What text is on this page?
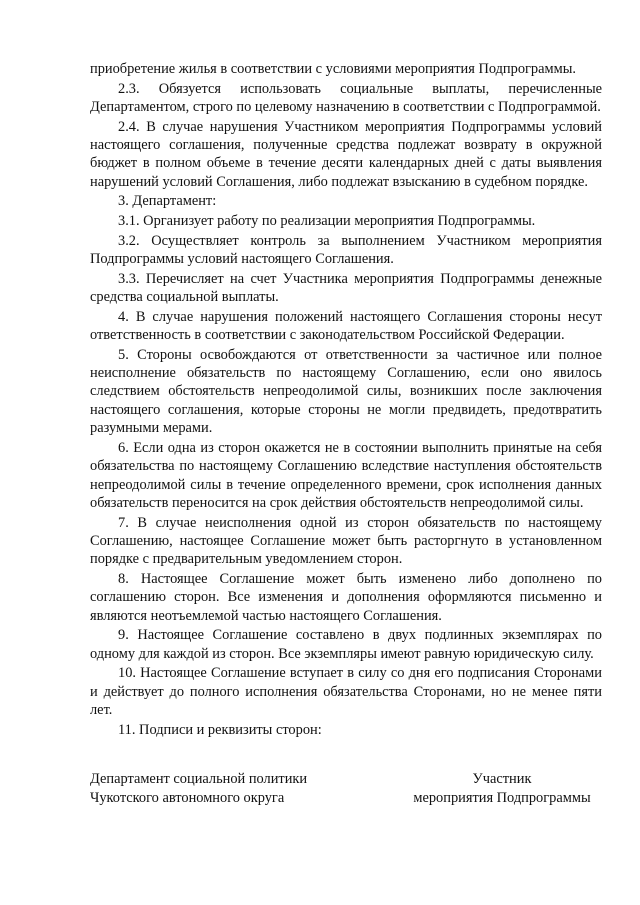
приобретение жилья в соответствии с условиями мероприятия Подпрограммы.

2.3. Обязуется использовать социальные выплаты, перечисленные Департаментом, строго по целевому назначению в соответствии с Подпрограммой.

2.4. В случае нарушения Участником мероприятия Подпрограммы условий настоящего соглашения, полученные средства подлежат возврату в окружной бюджет в полном объеме в течение десяти календарных дней с даты выявления нарушений условий Соглашения, либо подлежат взысканию в судебном порядке.

3. Департамент:

3.1. Организует работу по реализации мероприятия Подпрограммы.

3.2. Осуществляет контроль за выполнением Участником мероприятия Подпрограммы условий настоящего Соглашения.

3.3. Перечисляет на счет Участника мероприятия Подпрограммы денежные средства социальной выплаты.

4. В случае нарушения положений настоящего Соглашения стороны несут ответственность в соответствии с законодательством Российской Федерации.

5. Стороны освобождаются от ответственности за частичное или полное неисполнение обязательств по настоящему Соглашению, если оно явилось следствием обстоятельств непреодолимой силы, возникших после заключения настоящего соглашения, которые стороны не могли предвидеть, предотвратить разумными мерами.

6. Если одна из сторон окажется не в состоянии выполнить принятые на себя обязательства по настоящему Соглашению вследствие наступления обстоятельств непреодолимой силы в течение определенного времени, срок исполнения данных обязательств переносится на срок действия обстоятельств непреодолимой силы.

7. В случае неисполнения одной из сторон обязательств по настоящему Соглашению, настоящее Соглашение может быть расторгнуто в установленном порядке с предварительным уведомлением сторон.

8. Настоящее Соглашение может быть изменено либо дополнено по соглашению сторон. Все изменения и дополнения оформляются письменно и являются неотъемлемой частью настоящего Соглашения.

9. Настоящее Соглашение составлено в двух подлинных экземплярах по одному для каждой из сторон. Все экземпляры имеют равную юридическую силу.

10. Настоящее Соглашение вступает в силу со дня его подписания Сторонами и действует до полного исполнения обязательства Сторонами, но не менее пяти лет.

11. Подписи и реквизиты сторон:

Департамент социальной политики
Чукотского автономного округа
Участник
мероприятия Подпрограммы
